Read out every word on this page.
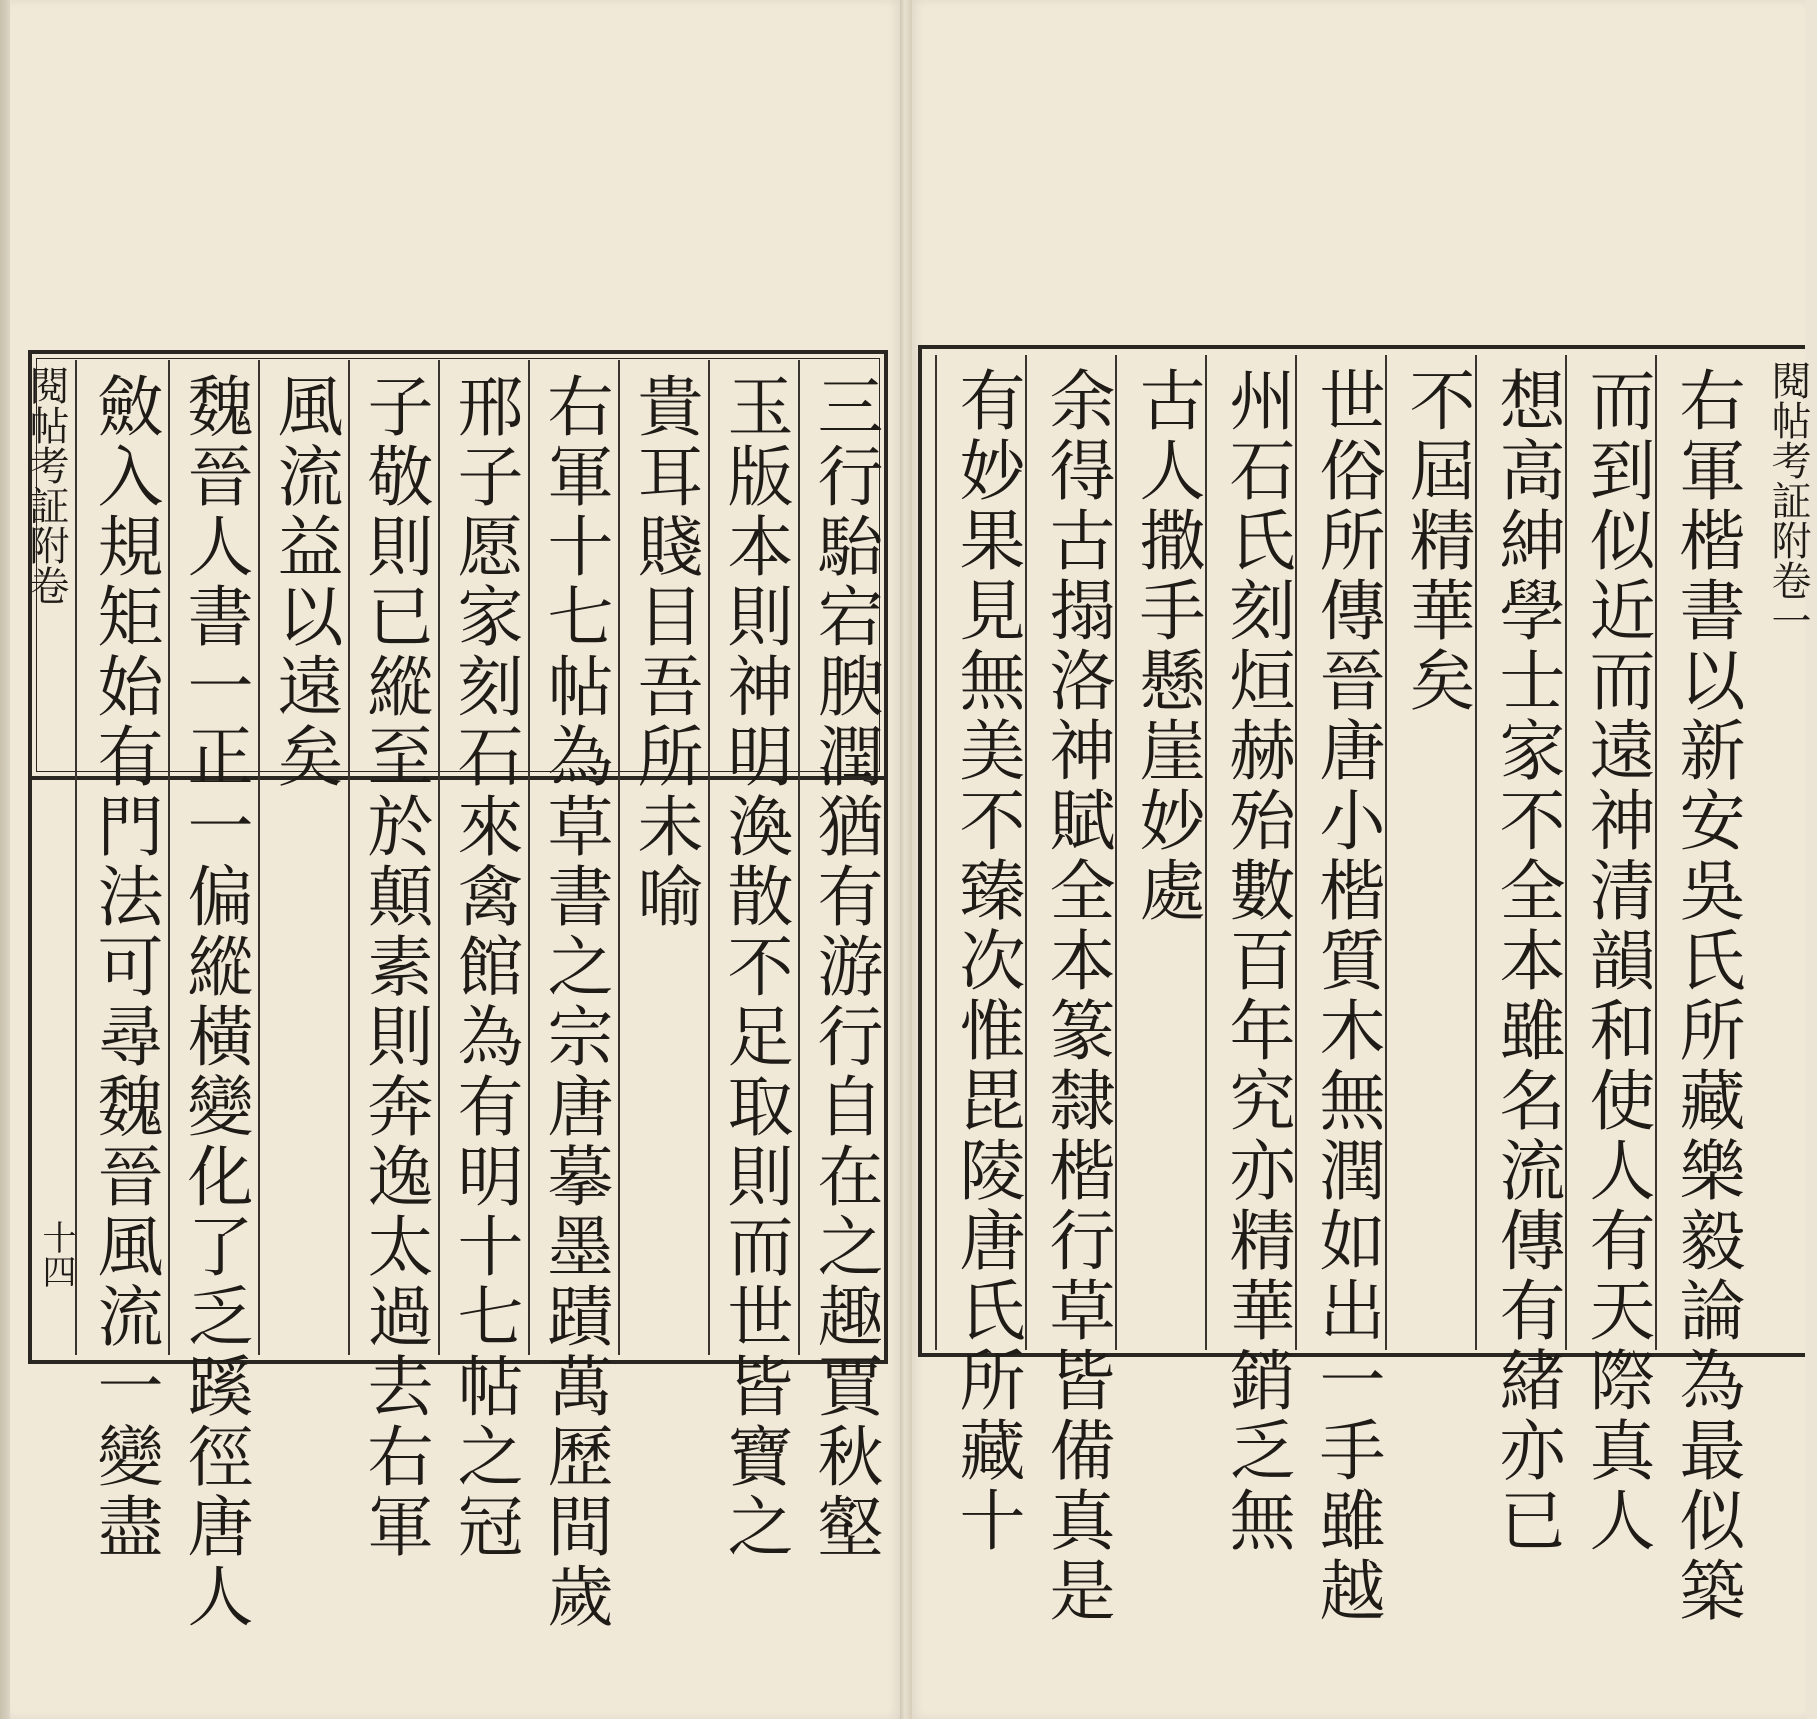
閱帖考証附卷
十四	三行駘宕腴潤猶有游行自在之趣賈秋壑
玉版本則神明渙散不足取則而世皆寶之
貴耳賤目吾所未喻
右軍十七帖為草書之宗唐摹墨蹟萬歷間歲
邢子愿家刻石來禽館為有明十七帖之冠
子敬則已縱至於顛素則奔逸太過去右軍
風流益以遠矣
魏晉人書一正一偏縱橫變化了乏蹊徑唐人
斂入規矩始有門法可尋魏晉風流一變盡	閱帖考証附卷一
右軍楷書以新安吳氏所藏樂毅論為最似築
而到似近而遠神清韻和使人有天際真人
想高紳學士家不全本雖名流傳有緒亦已
不屆精華矣
世俗所傳晉唐小楷質木無潤如出一手雖越
州石氏刻烜赫殆數百年究亦精華銷乏無
古人撒手懸崖妙處
余得古搨洛神賦全本篆隸楷行草皆備真是
有妙果見無美不臻次惟毘陵唐氏所藏十
